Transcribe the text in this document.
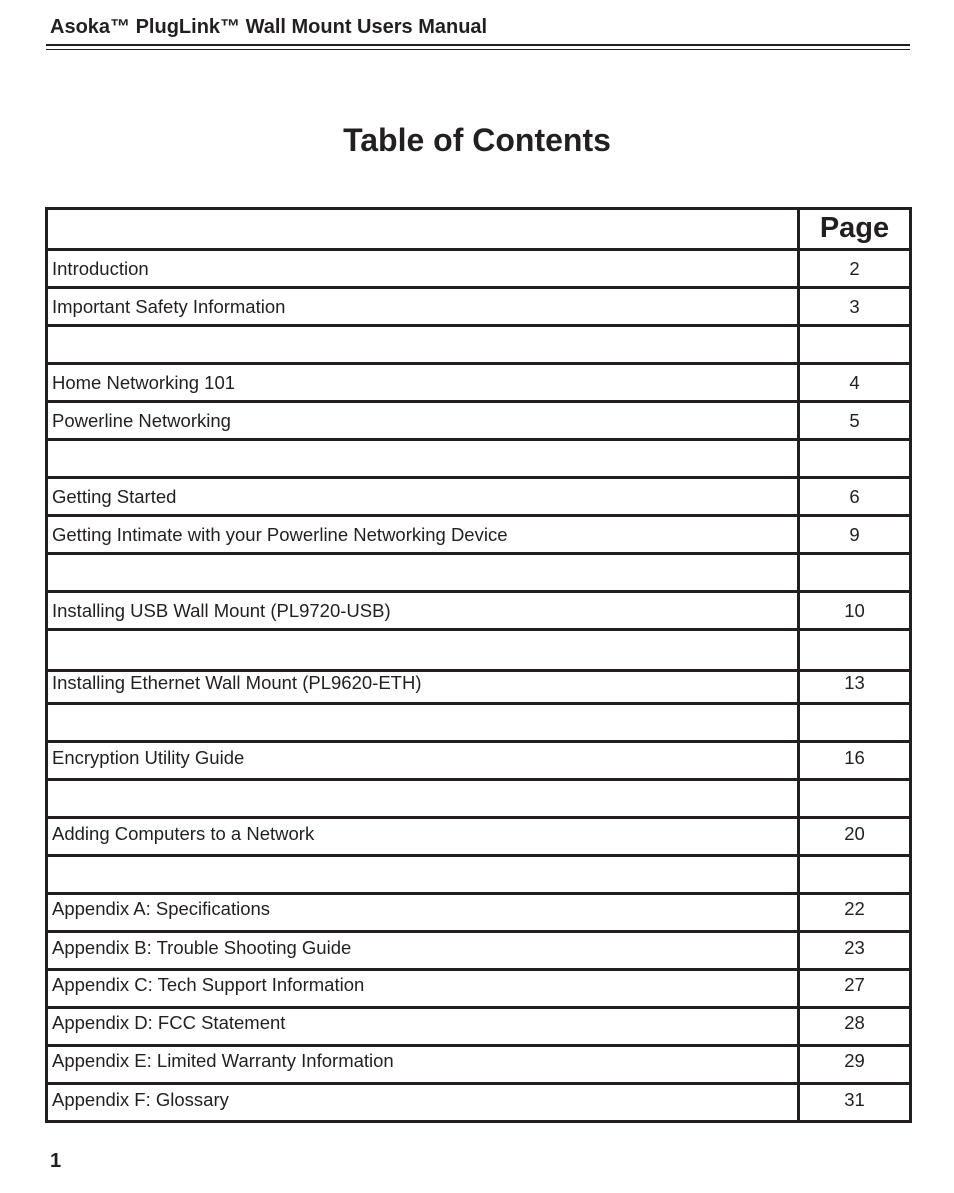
Asoka™ PlugLink™ Wall Mount Users Manual
Table of Contents
Page
Introduction	2
Important Safety Information	3
Home Networking 101	4
Powerline Networking	5
Getting Started	6
Getting Intimate with your Powerline Networking Device	9
Installing USB Wall Mount (PL9720-USB)	10
Installing Ethernet Wall Mount (PL9620-ETH)	13
Encryption Utility Guide	16
Adding Computers to a Network	20
Appendix A: Specifications	22
Appendix B: Trouble Shooting Guide	23
Appendix C: Tech Support Information	27
Appendix D: FCC Statement	28
Appendix E: Limited Warranty Information	29
Appendix F: Glossary	31
1
